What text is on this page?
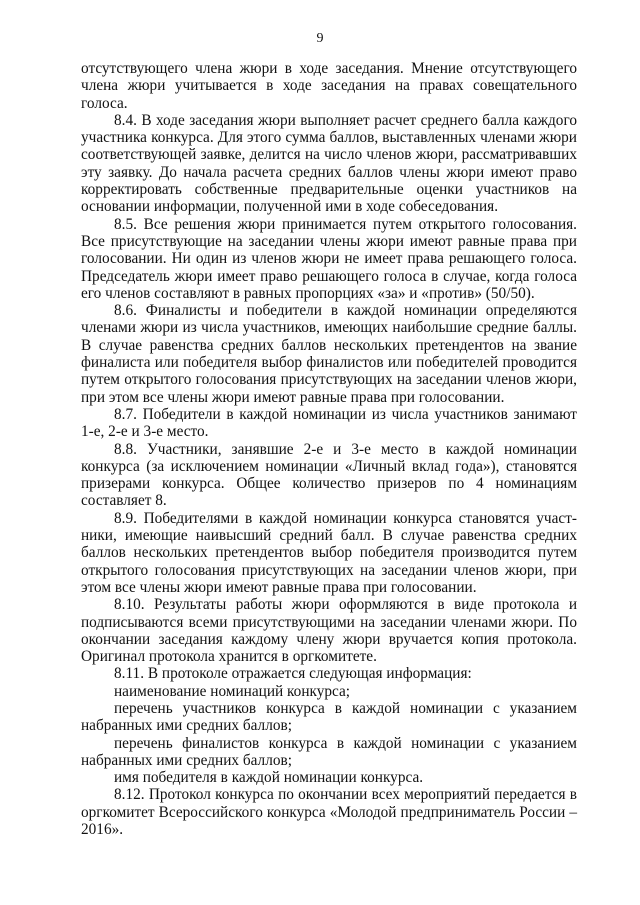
9

отсутствующего члена жюри в ходе заседания. Мнение отсутствующего члена жюри учитывается в ходе заседания на правах совещательного голоса.

8.4. В ходе заседания жюри выполняет расчет среднего балла каждого участника конкурса. Для этого сумма баллов, выставленных членами жюри соответствующей заявке, делится на число членов жюри, рассматривавших эту заявку. До начала расчета средних баллов члены жюри имеют право корректировать собственные предварительные оценки участников на основании информации, полученной ими в ходе собеседования.

8.5. Все решения жюри принимается путем открытого голосования. Все присутствующие на заседании члены жюри имеют равные права при голосовании. Ни один из членов жюри не имеет права решающего голоса. Председатель жюри имеет право решающего голоса в случае, когда голоса его членов составляют в равных пропорциях «за» и «против» (50/50).

8.6. Финалисты и победители в каждой номинации определяются членами жюри из числа участников, имеющих наибольшие средние баллы. В случае равенства средних баллов нескольких претендентов на звание финалиста или победителя выбор финалистов или победителей проводится путем открытого голосования присутствующих на заседании членов жюри, при этом все члены жюри имеют равные права при голосовании.

8.7. Победители в каждой номинации из числа участников занимают 1-е, 2-е и 3-е место.

8.8. Участники, занявшие 2-е и 3-е место в каждой номинации конкурса (за исключением номинации «Личный вклад года»), становятся призерами конкурса. Общее количество призеров по 4 номинациям составляет 8.

8.9. Победителями в каждой номинации конкурса становятся участники, имеющие наивысший средний балл. В случае равенства средних баллов нескольких претендентов выбор победителя производится путем открытого голосования присутствующих на заседании членов жюри, при этом все члены жюри имеют равные права при голосовании.

8.10. Результаты работы жюри оформляются в виде протокола и подписываются всеми присутствующими на заседании членами жюри. По окончании заседания каждому члену жюри вручается копия протокола. Оригинал протокола хранится в оргкомитете.

8.11. В протоколе отражается следующая информация:

наименование номинаций конкурса;

перечень участников конкурса в каждой номинации с указанием набранных ими средних баллов;

перечень финалистов конкурса в каждой номинации с указанием набранных ими средних баллов;

имя победителя в каждой номинации конкурса.

8.12. Протокол конкурса по окончании всех мероприятий передается в оргкомитет Всероссийского конкурса «Молодой предприниматель России – 2016».
